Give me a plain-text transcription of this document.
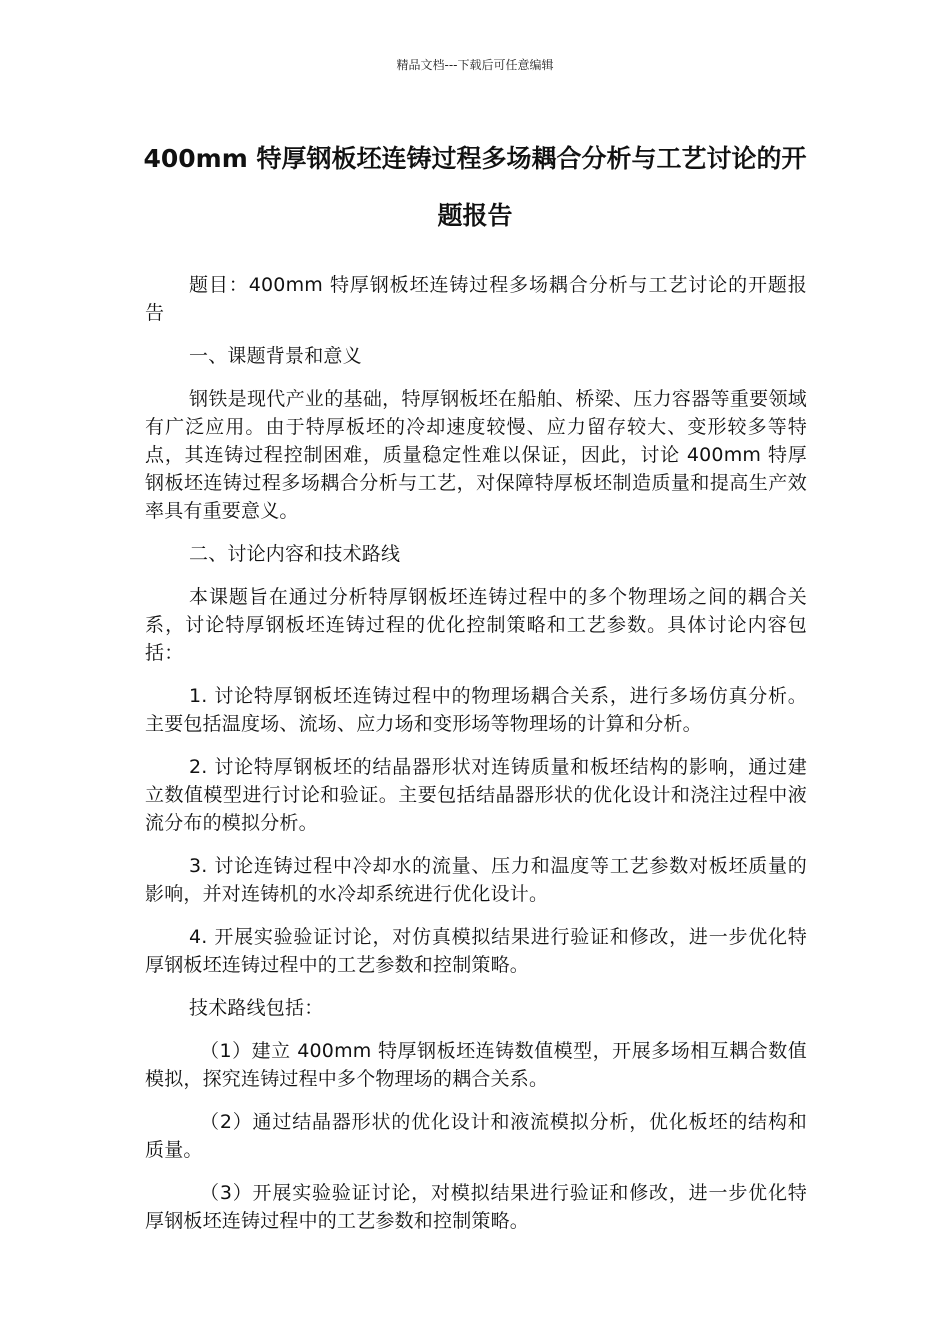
精品文档---下载后可任意编辑
400mm 特厚钢板坯连铸过程多场耦合分析与工艺讨论的开题报告

题目：400mm 特厚钢板坯连铸过程多场耦合分析与工艺讨论的开题报告

一、课题背景和意义

钢铁是现代产业的基础，特厚钢板坯在船舶、桥梁、压力容器等重要领域有广泛应用。由于特厚板坯的冷却速度较慢、应力留存较大、变形较多等特点，其连铸过程控制困难，质量稳定性难以保证，因此，讨论 400mm 特厚钢板坯连铸过程多场耦合分析与工艺，对保障特厚板坯制造质量和提高生产效率具有重要意义。

二、讨论内容和技术路线

本课题旨在通过分析特厚钢板坯连铸过程中的多个物理场之间的耦合关系，讨论特厚钢板坯连铸过程的优化控制策略和工艺参数。具体讨论内容包括：

1. 讨论特厚钢板坯连铸过程中的物理场耦合关系，进行多场仿真分析。主要包括温度场、流场、应力场和变形场等物理场的计算和分析。

2. 讨论特厚钢板坯的结晶器形状对连铸质量和板坯结构的影响，通过建立数值模型进行讨论和验证。主要包括结晶器形状的优化设计和浇注过程中液流分布的模拟分析。

3. 讨论连铸过程中冷却水的流量、压力和温度等工艺参数对板坯质量的影响，并对连铸机的水冷却系统进行优化设计。

4. 开展实验验证讨论，对仿真模拟结果进行验证和修改，进一步优化特厚钢板坯连铸过程中的工艺参数和控制策略。

技术路线包括：

（1）建立 400mm 特厚钢板坯连铸数值模型，开展多场相互耦合数值模拟，探究连铸过程中多个物理场的耦合关系。

（2）通过结晶器形状的优化设计和液流模拟分析，优化板坯的结构和质量。

（3）开展实验验证讨论，对模拟结果进行验证和修改，进一步优化特厚钢板坯连铸过程中的工艺参数和控制策略。
